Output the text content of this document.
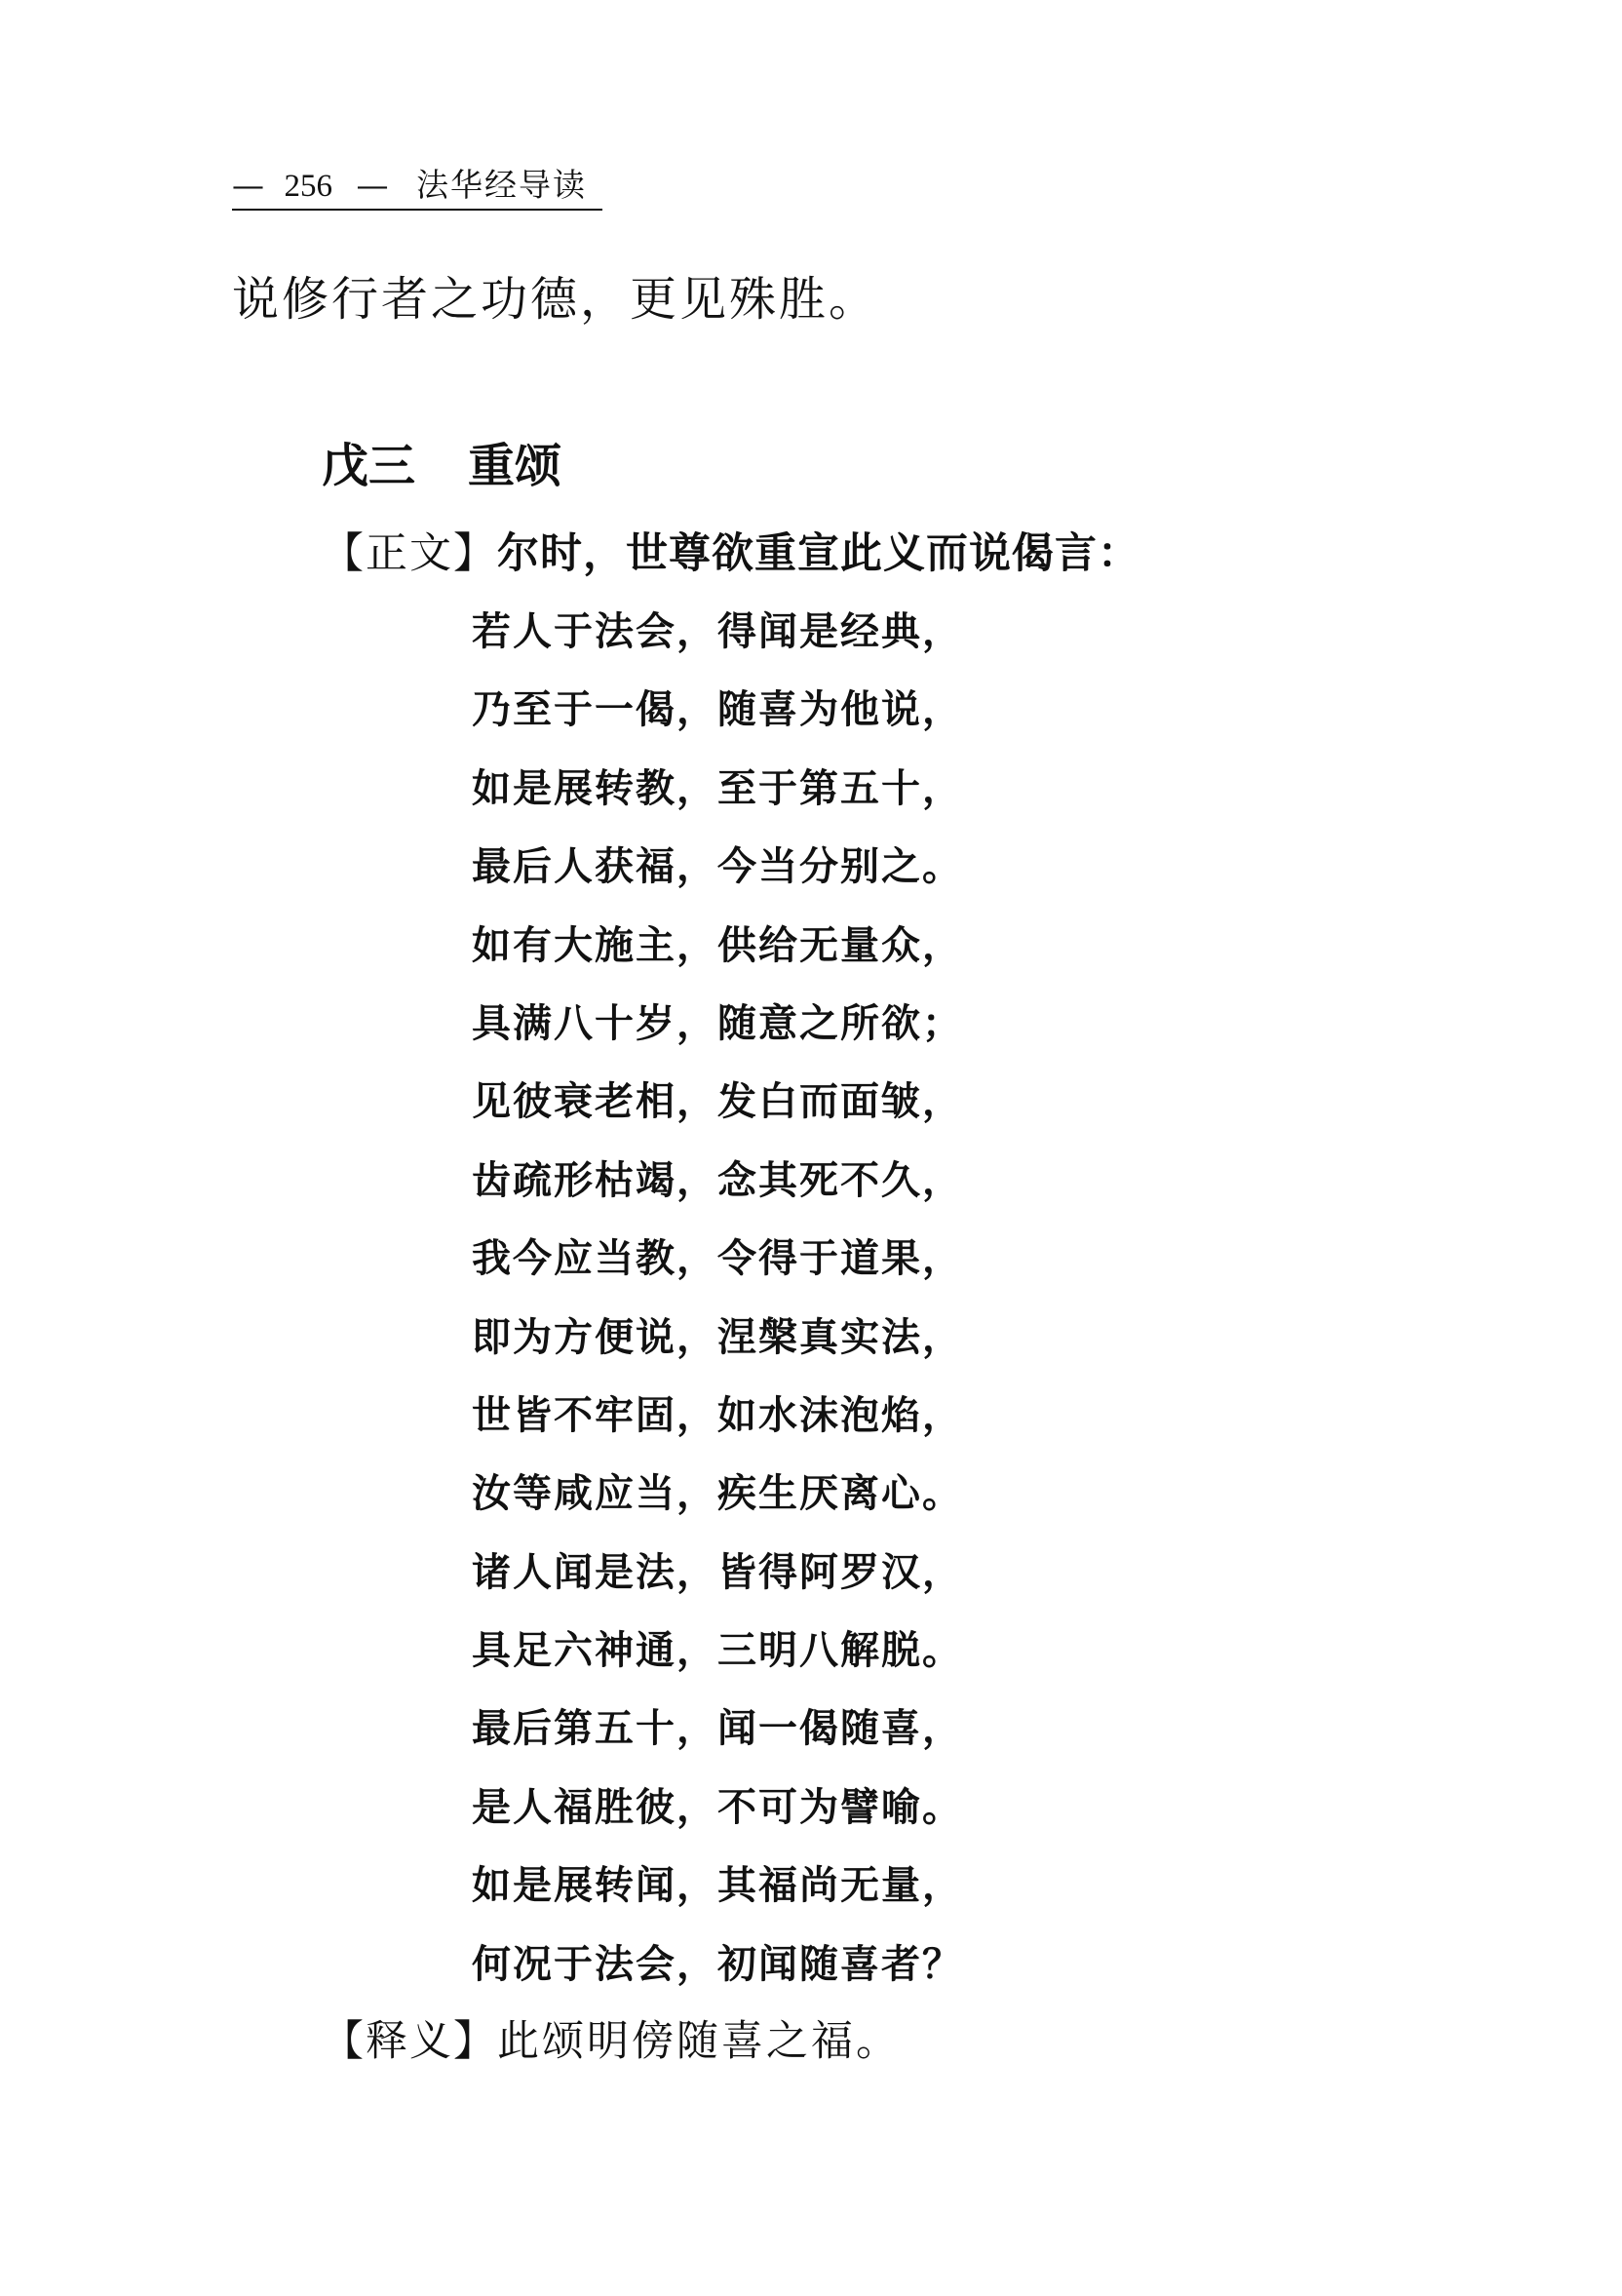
— 256 — 法华经导读
说修行者之功德，更见殊胜。
戊三 重颂
【正文】尔时，世尊欲重宣此义而说偈言：
若人于法会，得闻是经典，
乃至于一偈，随喜为他说，
如是展转教，至于第五十，
最后人获福，今当分别之。
如有大施主，供给无量众，
具满八十岁，随意之所欲；
见彼衰老相，发白而面皱，
齿疏形枯竭，念其死不久，
我今应当教，令得于道果，
即为方便说，涅槃真实法，
世皆不牢固，如水沫泡焰，
汝等咸应当，疾生厌离心。
诸人闻是法，皆得阿罗汉，
具足六神通，三明八解脱。
最后第五十，闻一偈随喜，
是人福胜彼，不可为譬喻。
如是展转闻，其福尚无量，
何况于法会，初闻随喜者？
【释义】此颂明傍随喜之福。
